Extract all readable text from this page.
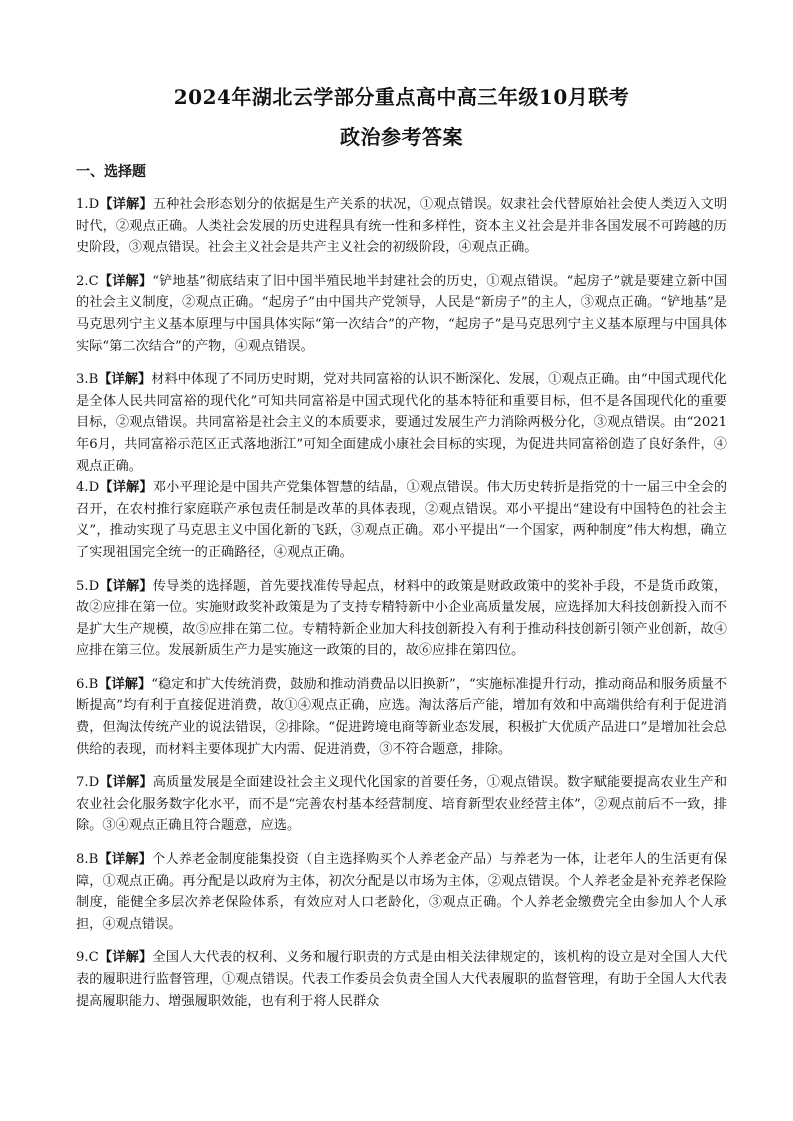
2024年湖北云学部分重点高中高三年级10月联考
政治参考答案
一、选择题

1.D【详解】五种社会形态划分的依据是生产关系的状况，①观点错误。奴隶社会代替原始社会使人类迈入文明时代，②观点正确。人类社会发展的历史进程具有统一性和多样性，资本主义社会是并非各国发展不可跨越的历史阶段，③观点错误。社会主义社会是共产主义社会的初级阶段，④观点正确。

2.C【详解】“铲地基”彻底结束了旧中国半殖民地半封建社会的历史，①观点错误。“起房子”就是要建立新中国的社会主义制度，②观点正确。“起房子”由中国共产党领导，人民是“新房子”的主人，③观点正确。“铲地基”是马克思列宁主义基本原理与中国具体实际“第一次结合”的产物，“起房子”是马克思列宁主义基本原理与中国具体实际“第二次结合”的产物，④观点错误。

3.B【详解】材料中体现了不同历史时期，党对共同富裕的认识不断深化、发展，①观点正确。由“中国式现代化是全体人民共同富裕的现代化”可知共同富裕是中国式现代化的基本特征和重要目标，但不是各国现代化的重要目标，②观点错误。共同富裕是社会主义的本质要求，要通过发展生产力消除两极分化，③观点错误。由“2021年6月，共同富裕示范区正式落地浙江”可知全面建成小康社会目标的实现，为促进共同富裕创造了良好条件，④观点正确。

4.D【详解】邓小平理论是中国共产党集体智慧的结晶，①观点错误。伟大历史转折是指党的十一届三中全会的召开，在农村推行家庭联产承包责任制是改革的具体表现，②观点错误。邓小平提出“建设有中国特色的社会主义”，推动实现了马克思主义中国化新的飞跃，③观点正确。邓小平提出“一个国家，两种制度”伟大构想，确立了实现祖国完全统一的正确路径，④观点正确。

5.D【详解】传导类的选择题，首先要找准传导起点，材料中的政策是财政政策中的奖补手段，不是货币政策，故②应排在第一位。实施财政奖补政策是为了支持专精特新中小企业高质量发展，应选择加大科技创新投入而不是扩大生产规模，故⑤应排在第二位。专精特新企业加大科技创新投入有利于推动科技创新引领产业创新，故④应排在第三位。发展新质生产力是实施这一政策的目的，故⑥应排在第四位。

6.B【详解】“稳定和扩大传统消费，鼓励和推动消费品以旧换新”，“实施标准提升行动，推动商品和服务质量不断提高”均有利于直接促进消费，故①④观点正确，应选。淘汰落后产能，增加有效和中高端供给有利于促进消费，但淘汰传统产业的说法错误，②排除。“促进跨境电商等新业态发展，积极扩大优质产品进口”是增加社会总供给的表现，而材料主要体现扩大内需、促进消费，③不符合题意，排除。

7.D【详解】高质量发展是全面建设社会主义现代化国家的首要任务，①观点错误。数字赋能要提高农业生产和农业社会化服务数字化水平，而不是“完善农村基本经营制度、培育新型农业经营主体”，②观点前后不一致，排除。③④观点正确且符合题意，应选。

8.B【详解】个人养老金制度能集投资（自主选择购买个人养老金产品）与养老为一体，让老年人的生活更有保障，①观点正确。再分配是以政府为主体，初次分配是以市场为主体，②观点错误。个人养老金是补充养老保险制度，能健全多层次养老保险体系，有效应对人口老龄化，③观点正确。个人养老金缴费完全由参加人个人承担，④观点错误。

9.C【详解】全国人大代表的权利、义务和履行职责的方式是由相关法律规定的，该机构的设立是对全国人大代表的履职进行监督管理，①观点错误。代表工作委员会负责全国人大代表履职的监督管理，有助于全国人大代表提高履职能力、增强履职效能，也有利于将人民群众
